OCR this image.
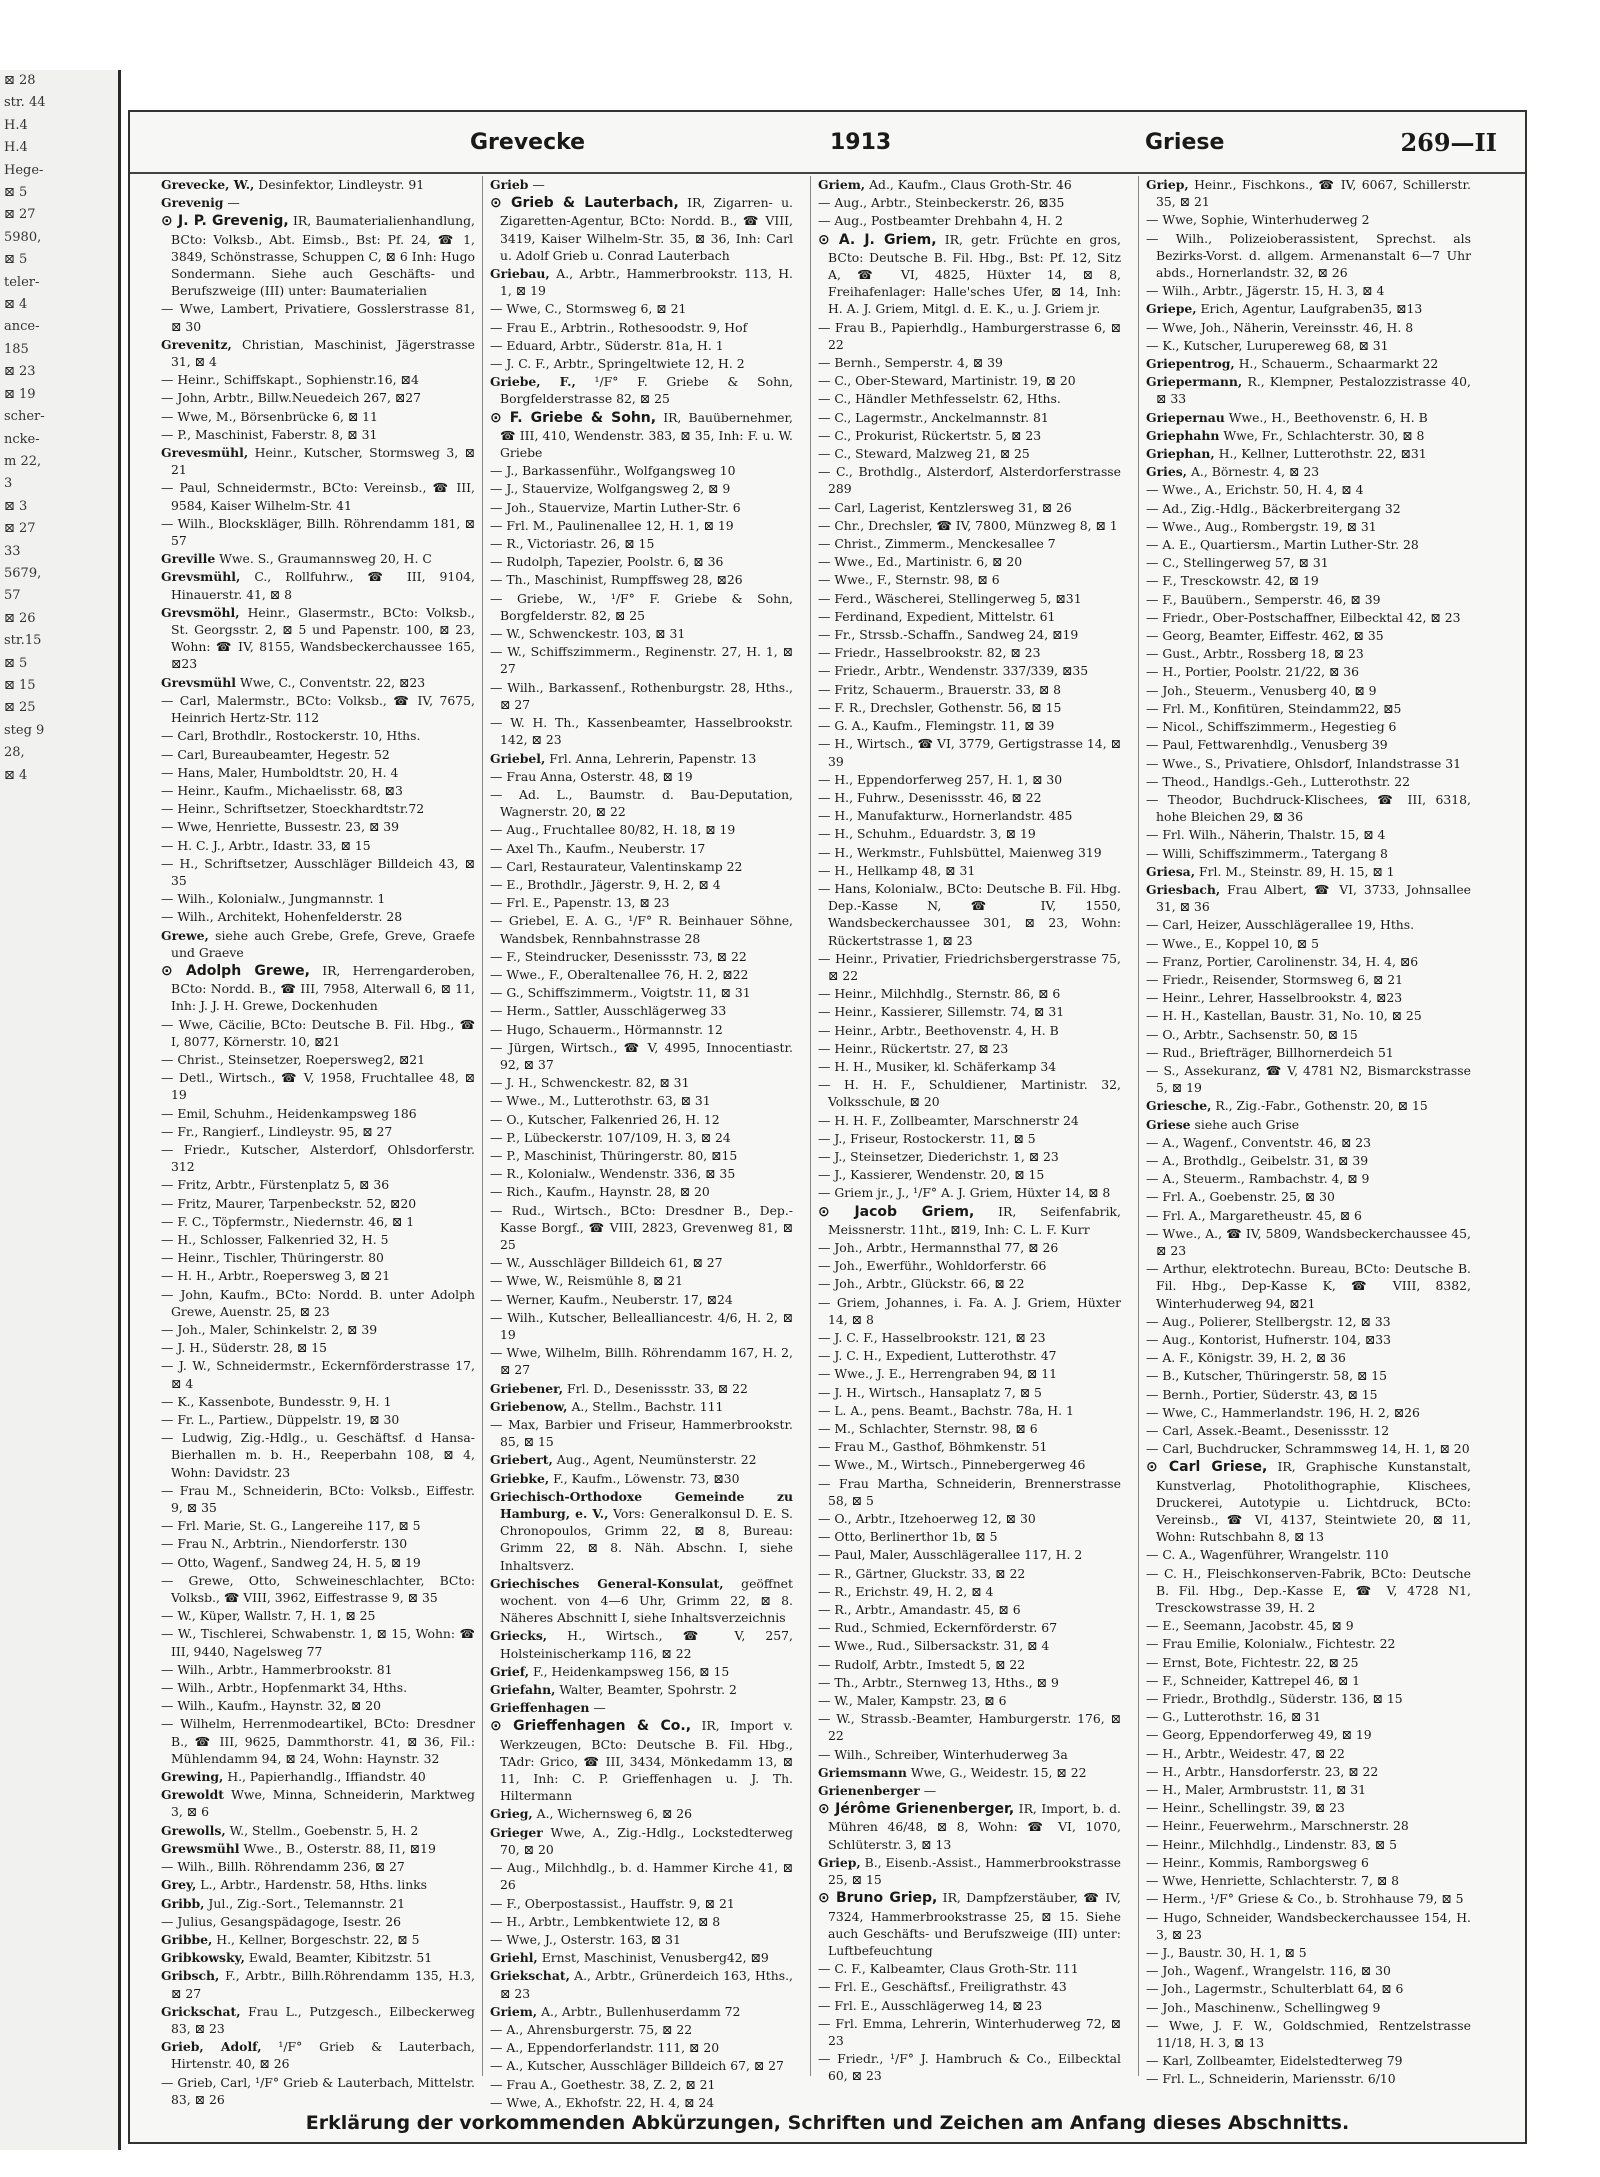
⊠ 28
str. 44
H.4
H.4
Hege-
⊠ 5
⊠ 27
5980,
⊠ 5
teler-
⊠ 4
ance-
185
⊠ 23
⊠ 19
scher-
ncke-
m 22,
3
⊠ 3
⊠ 27
33
5679,
57
⊠ 26
str.15
⊠ 5
⊠ 15
⊠ 25
steg 9
28,
⊠ 4
Grevecke	1913	Griese	269—II
Grevecke, W., Desinfektor, Lindleystr. 91
Grevenig —
⊙ J. P. Grevenig, IR, Baumaterialienhandlung, BCto: Volksb., Abt. Eimsb., Bst: Pf. 24, ☎ 1, 3849, Schönstrasse, Schuppen C, ⊠ 6 Inh: Hugo Sondermann. Siehe auch Geschäfts- und Berufszweige (III) unter: Baumaterialien
— Wwe, Lambert, Privatiere, Gosslerstrasse 81, ⊠ 30
Grevenitz, Christian, Maschinist, Jägerstrasse 31, ⊠ 4
— Heinr., Schiffskapt., Sophienstr.16, ⊠4
— John, Arbtr., Billw.Neuedeich 267, ⊠27
— Wwe, M., Börsenbrücke 6, ⊠ 11
— P., Maschinist, Faberstr. 8, ⊠ 31
Grevesmühl, Heinr., Kutscher, Stormsweg 3, ⊠ 21
— Paul, Schneidermstr., BCto: Vereinsb., ☎ III, 9584, Kaiser Wilhelm-Str. 41
— Wilh., Blockskläger, Billh. Röhrendamm 181, ⊠ 57
Greville Wwe. S., Graumannsweg 20, H. C
Grevsmühl, C., Rollfuhrw., ☎ III, 9104, Hinauerstr. 41, ⊠ 8
Grevsmöhl, Heinr., Glasermstr., BCto: Volksb., St. Georgsstr. 2, ⊠ 5 und Papenstr. 100, ⊠ 23, Wohn: ☎ IV, 8155, Wandsbeckerchaussee 165, ⊠23
Grevsmühl Wwe, C., Conventstr. 22, ⊠23
— Carl, Malermstr., BCto: Volksb., ☎ IV, 7675, Heinrich Hertz-Str. 112
— Carl, Brothdlr., Rostockerstr. 10, Hths.
— Carl, Bureaubeamter, Hegestr. 52
— Hans, Maler, Humboldtstr. 20, H. 4
— Heinr., Kaufm., Michaelisstr. 68, ⊠3
— Heinr., Schriftsetzer, Stoeckhardtstr.72
— Wwe, Henriette, Bussestr. 23, ⊠ 39
— H. C. J., Arbtr., Idastr. 33, ⊠ 15
— H., Schriftsetzer, Ausschläger Billdeich 43, ⊠ 35
— Wilh., Kolonialw., Jungmannstr. 1
— Wilh., Architekt, Hohenfelderstr. 28
Grewe, siehe auch Grebe, Grefe, Greve, Graefe und Graeve
⊙ Adolph Grewe, IR, Herrengarderoben, BCto: Nordd. B., ☎ III, 7958, Alterwall 6, ⊠ 11, Inh: J. J. H. Grewe, Dockenhuden
— Wwe, Cäcilie, BCto: Deutsche B. Fil. Hbg., ☎ I, 8077, Körnerstr. 10, ⊠21
— Christ., Steinsetzer, Roepersweg2, ⊠21
— Detl., Wirtsch., ☎ V, 1958, Fruchtallee 48, ⊠ 19
— Emil, Schuhm., Heidenkampsweg 186
— Fr., Rangierf., Lindleystr. 95, ⊠ 27
— Friedr., Kutscher, Alsterdorf, Ohlsdorferstr. 312
— Fritz, Arbtr., Fürstenplatz 5, ⊠ 36
— Fritz, Maurer, Tarpenbeckstr. 52, ⊠20
— F. C., Töpfermstr., Niedernstr. 46, ⊠ 1
— H., Schlosser, Falkenried 32, H. 5
— Heinr., Tischler, Thüringerstr. 80
— H. H., Arbtr., Roepersweg 3, ⊠ 21
— John, Kaufm., BCto: Nordd. B. unter Adolph Grewe, Auenstr. 25, ⊠ 23
— Joh., Maler, Schinkelstr. 2, ⊠ 39
— J. H., Süderstr. 28, ⊠ 15
— J. W., Schneidermstr., Eckernförderstrasse 17, ⊠ 4
— K., Kassenbote, Bundesstr. 9, H. 1
— Fr. L., Partiew., Düppelstr. 19, ⊠ 30
— Ludwig, Zig.-Hdlg., u. Geschäftsf. d Hansa-Bierhallen m. b. H., Reeperbahn 108, ⊠ 4, Wohn: Davidstr. 23
— Frau M., Schneiderin, BCto: Volksb., Eiffestr. 9, ⊠ 35
— Frl. Marie, St. G., Langereihe 117, ⊠ 5
— Frau N., Arbtrin., Niendorferstr. 130
— Otto, Wagenf., Sandweg 24, H. 5, ⊠ 19
— Grewe, Otto, Schweineschlachter, BCto: Volksb., ☎ VIII, 3962, Eiffestrasse 9, ⊠ 35
— W., Küper, Wallstr. 7, H. 1, ⊠ 25
— W., Tischlerei, Schwabenstr. 1, ⊠ 15, Wohn: ☎ III, 9440, Nagelsweg 77
— Wilh., Arbtr., Hammerbrookstr. 81
— Wilh., Arbtr., Hopfenmarkt 34, Hths.
— Wilh., Kaufm., Haynstr. 32, ⊠ 20
— Wilhelm, Herrenmodeartikel, BCto: Dresdner B., ☎ III, 9625, Dammthorstr. 41, ⊠ 36, Fil.: Mühlendamm 94, ⊠ 24, Wohn: Haynstr. 32
Grewing, H., Papierhandlg., Iffiandstr. 40
Grewoldt Wwe, Minna, Schneiderin, Marktweg 3, ⊠ 6
Grewolls, W., Stellm., Goebenstr. 5, H. 2
Grewsmühl Wwe., B., Osterstr. 88, I1, ⊠19
— Wilh., Billh. Röhrendamm 236, ⊠ 27
Grey, L., Arbtr., Hardenstr. 58, Hths. links
Gribb, Jul., Zig.-Sort., Telemannstr. 21
— Julius, Gesangspädagoge, Isestr. 26
Gribbe, H., Kellner, Borgeschstr. 22, ⊠ 5
Gribkowsky, Ewald, Beamter, Kibitzstr. 51
Gribsch, F., Arbtr., Billh.Röhrendamm 135, H.3, ⊠ 27
Grickschat, Frau L., Putzgesch., Eilbeckerweg 83, ⊠ 23
Grieb, Adolf, ¹/F° Grieb & Lauterbach, Hirtenstr. 40, ⊠ 26
— Grieb, Carl, ¹/F° Grieb & Lauterbach, Mittelstr. 83, ⊠ 26
Grieb —
⊙ Grieb & Lauterbach, IR, Zigarren- u. Zigaretten-Agentur, BCto: Nordd. B., ☎ VIII, 3419, Kaiser Wilhelm-Str. 35, ⊠ 36, Inh: Carl u. Adolf Grieb u. Conrad Lauterbach
Griebau, A., Arbtr., Hammerbrookstr. 113, H. 1, ⊠ 19
— Wwe, C., Stormsweg 6, ⊠ 21
— Frau E., Arbtrin., Rothesoodstr. 9, Hof
— Eduard, Arbtr., Süderstr. 81a, H. 1
— J. C. F., Arbtr., Springeltwiete 12, H. 2
Griebe, F., ¹/F° F. Griebe & Sohn, Borgfelderstrasse 82, ⊠ 25
⊙ F. Griebe & Sohn, IR, Bauübernehmer, ☎ III, 410, Wendenstr. 383, ⊠ 35, Inh: F. u. W. Griebe
— J., Barkassenführ., Wolfgangsweg 10
— J., Stauervize, Wolfgangsweg 2, ⊠ 9
— Joh., Stauervize, Martin Luther-Str. 6
— Frl. M., Paulinenallee 12, H. 1, ⊠ 19
— R., Victoriastr. 26, ⊠ 15
— Rudolph, Tapezier, Poolstr. 6, ⊠ 36
— Th., Maschinist, Rumpffsweg 28, ⊠26
— Griebe, W., ¹/F° F. Griebe & Sohn, Borgfelderstr. 82, ⊠ 25
— W., Schwenckestr. 103, ⊠ 31
— W., Schiffszimmerm., Reginenstr. 27, H. 1, ⊠ 27
— Wilh., Barkassenf., Rothenburgstr. 28, Hths., ⊠ 27
— W. H. Th., Kassenbeamter, Hasselbrookstr. 142, ⊠ 23
Griebel, Frl. Anna, Lehrerin, Papenstr. 13
— Frau Anna, Osterstr. 48, ⊠ 19
— Ad. L., Baumstr. d. Bau-Deputation, Wagnerstr. 20, ⊠ 22
— Aug., Fruchtallee 80/82, H. 18, ⊠ 19
— Axel Th., Kaufm., Neuberstr. 17
— Carl, Restaurateur, Valentinskamp 22
— E., Brothdlr., Jägerstr. 9, H. 2, ⊠ 4
— Frl. E., Papenstr. 13, ⊠ 23
— Griebel, E. A. G., ¹/F° R. Beinhauer Söhne, Wandsbek, Rennbahnstrasse 28
— F., Steindrucker, Desenissstr. 73, ⊠ 22
— Wwe., F., Oberaltenallee 76, H. 2, ⊠22
— G., Schiffszimmerm., Voigtstr. 11, ⊠ 31
— Herm., Sattler, Ausschlägerweg 33
— Hugo, Schauerm., Hörmannstr. 12
— Jürgen, Wirtsch., ☎ V, 4995, Innocentiastr. 92, ⊠ 37
— J. H., Schwenckestr. 82, ⊠ 31
— Wwe., M., Lutterothstr. 63, ⊠ 31
— O., Kutscher, Falkenried 26, H. 12
— P., Lübeckerstr. 107/109, H. 3, ⊠ 24
— P., Maschinist, Thüringerstr. 80, ⊠15
— R., Kolonialw., Wendenstr. 336, ⊠ 35
— Rich., Kaufm., Haynstr. 28, ⊠ 20
— Rud., Wirtsch., BCto: Dresdner B., Dep.-Kasse Borgf., ☎ VIII, 2823, Grevenweg 81, ⊠ 25
— W., Ausschläger Billdeich 61, ⊠ 27
— Wwe, W., Reismühle 8, ⊠ 21
— Werner, Kaufm., Neuberstr. 17, ⊠24
— Wilh., Kutscher, Bellealliancestr. 4/6, H. 2, ⊠ 19
— Wwe, Wilhelm, Billh. Röhrendamm 167, H. 2, ⊠ 27
Griebener, Frl. D., Desenissstr. 33, ⊠ 22
Griebenow, A., Stellm., Bachstr. 111
— Max, Barbier und Friseur, Hammerbrookstr. 85, ⊠ 15
Griebert, Aug., Agent, Neumünsterstr. 22
Griebke, F., Kaufm., Löwenstr. 73, ⊠30
Griechisch-Orthodoxe Gemeinde zu Hamburg, e. V., Vors: Generalkonsul D. E. S. Chronopoulos, Grimm 22, ⊠ 8, Bureau: Grimm 22, ⊠ 8. Näh. Abschn. I, siehe Inhaltsverz.
Griechisches General-Konsulat, geöffnet wochent. von 4—6 Uhr, Grimm 22, ⊠ 8. Näheres Abschnitt I, siehe Inhaltsverzeichnis
Griecks, H., Wirtsch., ☎ V, 257, Holsteinischerkamp 116, ⊠ 22
Grief, F., Heidenkampsweg 156, ⊠ 15
Griefahn, Walter, Beamter, Spohrstr. 2
Grieffenhagen —
⊙ Grieffenhagen & Co., IR, Import v. Werkzeugen, BCto: Deutsche B. Fil. Hbg., TAdr: Grico, ☎ III, 3434, Mönkedamm 13, ⊠ 11, Inh: C. P. Grieffenhagen u. J. Th. Hiltermann
Grieg, A., Wichernsweg 6, ⊠ 26
Grieger Wwe, A., Zig.-Hdlg., Lockstedterweg 70, ⊠ 20
— Aug., Milchhdlg., b. d. Hammer Kirche 41, ⊠ 26
— F., Oberpostassist., Hauffstr. 9, ⊠ 21
— H., Arbtr., Lembkentwiete 12, ⊠ 8
— Wwe, J., Osterstr. 163, ⊠ 31
Griehl, Ernst, Maschinist, Venusberg42, ⊠9
Griekschat, A., Arbtr., Grünerdeich 163, Hths., ⊠ 23
Griem, A., Arbtr., Bullenhuserdamm 72
— A., Ahrensburgerstr. 75, ⊠ 22
— A., Eppendorferlandstr. 111, ⊠ 20
— A., Kutscher, Ausschläger Billdeich 67, ⊠ 27
— Frau A., Goethestr. 38, Z. 2, ⊠ 21
— Wwe, A., Ekhofstr. 22, H. 4, ⊠ 24
Griem, Ad., Kaufm., Claus Groth-Str. 46
— Aug., Arbtr., Steinbeckerstr. 26, ⊠35
— Aug., Postbeamter Drehbahn 4, H. 2
⊙ A. J. Griem, IR, getr. Früchte en gros, BCto: Deutsche B. Fil. Hbg., Bst: Pf. 12, Sitz A, ☎ VI, 4825, Hüxter 14, ⊠ 8, Freihafenlager: Halle'sches Ufer, ⊠ 14, Inh: H. A. J. Griem, Mitgl. d. E. K., u. J. Griem jr.
— Frau B., Papierhdlg., Hamburgerstrasse 6, ⊠ 22
— Bernh., Semperstr. 4, ⊠ 39
— C., Ober-Steward, Martinistr. 19, ⊠ 20
— C., Händler Methfesselstr. 62, Hths.
— C., Lagermstr., Anckelmannstr. 81
— C., Prokurist, Rückertstr. 5, ⊠ 23
— C., Steward, Malzweg 21, ⊠ 25
— C., Brothdlg., Alsterdorf, Alsterdorferstrasse 289
— Carl, Lagerist, Kentzlersweg 31, ⊠ 26
— Chr., Drechsler, ☎ IV, 7800, Münzweg 8, ⊠ 1
— Christ., Zimmerm., Menckesallee 7
— Wwe., Ed., Martinistr. 6, ⊠ 20
— Wwe., F., Sternstr. 98, ⊠ 6
— Ferd., Wäscherei, Stellingerweg 5, ⊠31
— Ferdinand, Expedient, Mittelstr. 61
— Fr., Strssb.-Schaffn., Sandweg 24, ⊠19
— Friedr., Hasselbrookstr. 82, ⊠ 23
— Friedr., Arbtr., Wendenstr. 337/339, ⊠35
— Fritz, Schauerm., Brauerstr. 33, ⊠ 8
— F. R., Drechsler, Gothenstr. 56, ⊠ 15
— G. A., Kaufm., Flemingstr. 11, ⊠ 39
— H., Wirtsch., ☎ VI, 3779, Gertigstrasse 14, ⊠ 39
— H., Eppendorferweg 257, H. 1, ⊠ 30
— H., Fuhrw., Desenissstr. 46, ⊠ 22
— H., Manufakturw., Hornerlandstr. 485
— H., Schuhm., Eduardstr. 3, ⊠ 19
— H., Werkmstr., Fuhlsbüttel, Maienweg 319
— H., Hellkamp 48, ⊠ 31
— Hans, Kolonialw., BCto: Deutsche B. Fil. Hbg. Dep.-Kasse N, ☎ IV, 1550, Wandsbeckerchaussee 301, ⊠ 23, Wohn: Rückertstrasse 1, ⊠ 23
— Heinr., Privatier, Friedrichsbergerstrasse 75, ⊠ 22
— Heinr., Milchhdlg., Sternstr. 86, ⊠ 6
— Heinr., Kassierer, Sillemstr. 74, ⊠ 31
— Heinr., Arbtr., Beethovenstr. 4, H. B
— Heinr., Rückertstr. 27, ⊠ 23
— H. H., Musiker, kl. Schäferkamp 34
— H. H. F., Schuldiener, Martinistr. 32, Volksschule, ⊠ 20
— H. H. F., Zollbeamter, Marschnerstr 24
— J., Friseur, Rostockerstr. 11, ⊠ 5
— J., Steinsetzer, Diederichstr. 1, ⊠ 23
— J., Kassierer, Wendenstr. 20, ⊠ 15
— Griem jr., J., ¹/F° A. J. Griem, Hüxter 14, ⊠ 8
⊙ Jacob Griem, IR, Seifenfabrik, Meissnerstr. 11ht., ⊠19, Inh: C. L. F. Kurr
— Joh., Arbtr., Hermannsthal 77, ⊠ 26
— Joh., Ewerführ., Wohldorferstr. 66
— Joh., Arbtr., Glückstr. 66, ⊠ 22
— Griem, Johannes, i. Fa. A. J. Griem, Hüxter 14, ⊠ 8
— J. C. F., Hasselbrookstr. 121, ⊠ 23
— J. C. H., Expedient, Lutterothstr. 47
— Wwe., J. E., Herrengraben 94, ⊠ 11
— J. H., Wirtsch., Hansaplatz 7, ⊠ 5
— L. A., pens. Beamt., Bachstr. 78a, H. 1
— M., Schlachter, Sternstr. 98, ⊠ 6
— Frau M., Gasthof, Böhmkenstr. 51
— Wwe., M., Wirtsch., Pinnebergerweg 46
— Frau Martha, Schneiderin, Brennerstrasse 58, ⊠ 5
— O., Arbtr., Itzehoerweg 12, ⊠ 30
— Otto, Berlinerthor 1b, ⊠ 5
— Paul, Maler, Ausschlägerallee 117, H. 2
— R., Gärtner, Gluckstr. 33, ⊠ 22
— R., Erichstr. 49, H. 2, ⊠ 4
— R., Arbtr., Amandastr. 45, ⊠ 6
— Rud., Schmied, Eckernförderstr. 67
— Wwe., Rud., Silbersackstr. 31, ⊠ 4
— Rudolf, Arbtr., Imstedt 5, ⊠ 22
— Th., Arbtr., Sternweg 13, Hths., ⊠ 9
— W., Maler, Kampstr. 23, ⊠ 6
— W., Strassb.-Beamter, Hamburgerstr. 176, ⊠ 22
— Wilh., Schreiber, Winterhuderweg 3a
Griemsmann Wwe, G., Weidestr. 15, ⊠ 22
Grienenberger —
⊙ Jérôme Grienenberger, IR, Import, b. d. Mühren 46/48, ⊠ 8, Wohn: ☎ VI, 1070, Schlüterstr. 3, ⊠ 13
Griep, B., Eisenb.-Assist., Hammerbrookstrasse 25, ⊠ 15
⊙ Bruno Griep, IR, Dampfzerstäuber, ☎ IV, 7324, Hammerbrookstrasse 25, ⊠ 15. Siehe auch Geschäfts- und Berufszweige (III) unter: Luftbefeuchtung
— C. F., Kalbeamter, Claus Groth-Str. 111
— Frl. E., Geschäftsf., Freiligrathstr. 43
— Frl. E., Ausschlägerweg 14, ⊠ 23
— Frl. Emma, Lehrerin, Winterhuderweg 72, ⊠ 23
— Friedr., ¹/F° J. Hambruch & Co., Eilbecktal 60, ⊠ 23
Griep, Heinr., Fischkons., ☎ IV, 6067, Schillerstr. 35, ⊠ 21
— Wwe, Sophie, Winterhuderweg 2
— Wilh., Polizeioberassistent, Sprechst. als Bezirks-Vorst. d. allgem. Armenanstalt 6—7 Uhr abds., Hornerlandstr. 32, ⊠ 26
— Wilh., Arbtr., Jägerstr. 15, H. 3, ⊠ 4
Griepe, Erich, Agentur, Laufgraben35, ⊠13
— Wwe, Joh., Näherin, Vereinsstr. 46, H. 8
— K., Kutscher, Lurupereweg 68, ⊠ 31
Griepentrog, H., Schauerm., Schaarmarkt 22
Griepermann, R., Klempner, Pestalozzistrasse 40, ⊠ 33
Griepernau Wwe., H., Beethovenstr. 6, H. B
Griephahn Wwe, Fr., Schlachterstr. 30, ⊠ 8
Griephan, H., Kellner, Lutterothstr. 22, ⊠31
Gries, A., Börnestr. 4, ⊠ 23
— Wwe., A., Erichstr. 50, H. 4, ⊠ 4
— Ad., Zig.-Hdlg., Bäckerbreitergang 32
— Wwe., Aug., Rombergstr. 19, ⊠ 31
— A. E., Quartiersm., Martin Luther-Str. 28
— C., Stellingerweg 57, ⊠ 31
— F., Tresckowstr. 42, ⊠ 19
— F., Bauübern., Semperstr. 46, ⊠ 39
— Friedr., Ober-Postschaffner, Eilbecktal 42, ⊠ 23
— Georg, Beamter, Eiffestr. 462, ⊠ 35
— Gust., Arbtr., Rossberg 18, ⊠ 23
— H., Portier, Poolstr. 21/22, ⊠ 36
— Joh., Steuerm., Venusberg 40, ⊠ 9
— Frl. M., Konfitüren, Steindamm22, ⊠5
— Nicol., Schiffszimmerm., Hegestieg 6
— Paul, Fettwarenhdlg., Venusberg 39
— Wwe., S., Privatiere, Ohlsdorf, Inlandstrasse 31
— Theod., Handlgs.-Geh., Lutterothstr. 22
— Theodor, Buchdruck-Klischees, ☎ III, 6318, hohe Bleichen 29, ⊠ 36
— Frl. Wilh., Näherin, Thalstr. 15, ⊠ 4
— Willi, Schiffszimmerm., Tatergang 8
Griesa, Frl. M., Steinstr. 89, H. 15, ⊠ 1
Griesbach, Frau Albert, ☎ VI, 3733, Johnsallee 31, ⊠ 36
— Carl, Heizer, Ausschlägerallee 19, Hths.
— Wwe., E., Koppel 10, ⊠ 5
— Franz, Portier, Carolinenstr. 34, H. 4, ⊠6
— Friedr., Reisender, Stormsweg 6, ⊠ 21
— Heinr., Lehrer, Hasselbrookstr. 4, ⊠23
— H. H., Kastellan, Baustr. 31, No. 10, ⊠ 25
— O., Arbtr., Sachsenstr. 50, ⊠ 15
— Rud., Briefträger, Billhornerdeich 51
— S., Assekuranz, ☎ V, 4781 N2, Bismarckstrasse 5, ⊠ 19
Griesche, R., Zig.-Fabr., Gothenstr. 20, ⊠ 15
Griese siehe auch Grise
— A., Wagenf., Conventstr. 46, ⊠ 23
— A., Brothdlg., Geibelstr. 31, ⊠ 39
— A., Steuerm., Rambachstr. 4, ⊠ 9
— Frl. A., Goebenstr. 25, ⊠ 30
— Frl. A., Margaretheustr. 45, ⊠ 6
— Wwe., A., ☎ IV, 5809, Wandsbeckerchaussee 45, ⊠ 23
— Arthur, elektrotechn. Bureau, BCto: Deutsche B. Fil. Hbg., Dep-Kasse K, ☎ VIII, 8382, Winterhuderweg 94, ⊠21
— Aug., Polierer, Stellbergstr. 12, ⊠ 33
— Aug., Kontorist, Hufnerstr. 104, ⊠33
— A. F., Königstr. 39, H. 2, ⊠ 36
— B., Kutscher, Thüringerstr. 58, ⊠ 15
— Bernh., Portier, Süderstr. 43, ⊠ 15
— Wwe, C., Hammerlandstr. 196, H. 2, ⊠26
— Carl, Assek.-Beamt., Desenissstr. 12
— Carl, Buchdrucker, Schrammsweg 14, H. 1, ⊠ 20
⊙ Carl Griese, IR, Graphische Kunstanstalt, Kunstverlag, Photolithographie, Klischees, Druckerei, Autotypie u. Lichtdruck, BCto: Vereinsb., ☎ VI, 4137, Steintwiete 20, ⊠ 11, Wohn: Rutschbahn 8, ⊠ 13
— C. A., Wagenführer, Wrangelstr. 110
— C. H., Fleischkonserven-Fabrik, BCto: Deutsche B. Fil. Hbg., Dep.-Kasse E, ☎ V, 4728 N1, Tresckowstrasse 39, H. 2
— E., Seemann, Jacobstr. 45, ⊠ 9
— Frau Emilie, Kolonialw., Fichtestr. 22
— Ernst, Bote, Fichtestr. 22, ⊠ 25
— F., Schneider, Kattrepel 46, ⊠ 1
— Friedr., Brothdlg., Süderstr. 136, ⊠ 15
— G., Lutterothstr. 16, ⊠ 31
— Georg, Eppendorferweg 49, ⊠ 19
— H., Arbtr., Weidestr. 47, ⊠ 22
— H., Arbtr., Hansdorferstr. 23, ⊠ 22
— H., Maler, Armbruststr. 11, ⊠ 31
— Heinr., Schellingstr. 39, ⊠ 23
— Heinr., Feuerwehrm., Marschnerstr. 28
— Heinr., Milchhdlg., Lindenstr. 83, ⊠ 5
— Heinr., Kommis, Ramborgsweg 6
— Wwe, Henriette, Schlachterstr. 7, ⊠ 8
— Herm., ¹/F° Griese & Co., b. Strohhause 79, ⊠ 5
— Hugo, Schneider, Wandsbeckerchaussee 154, H. 3, ⊠ 23
— J., Baustr. 30, H. 1, ⊠ 5
— Joh., Wagenf., Wrangelstr. 116, ⊠ 30
— Joh., Lagermstr., Schulterblatt 64, ⊠ 6
— Joh., Maschinenw., Schellingweg 9
— Wwe, J. F. W., Goldschmied, Rentzelstrasse 11/18, H. 3, ⊠ 13
— Karl, Zollbeamter, Eidelstedterweg 79
— Frl. L., Schneiderin, Mariensstr. 6/10
Erklärung der vorkommenden Abkürzungen, Schriften und Zeichen am Anfang dieses Abschnitts.
